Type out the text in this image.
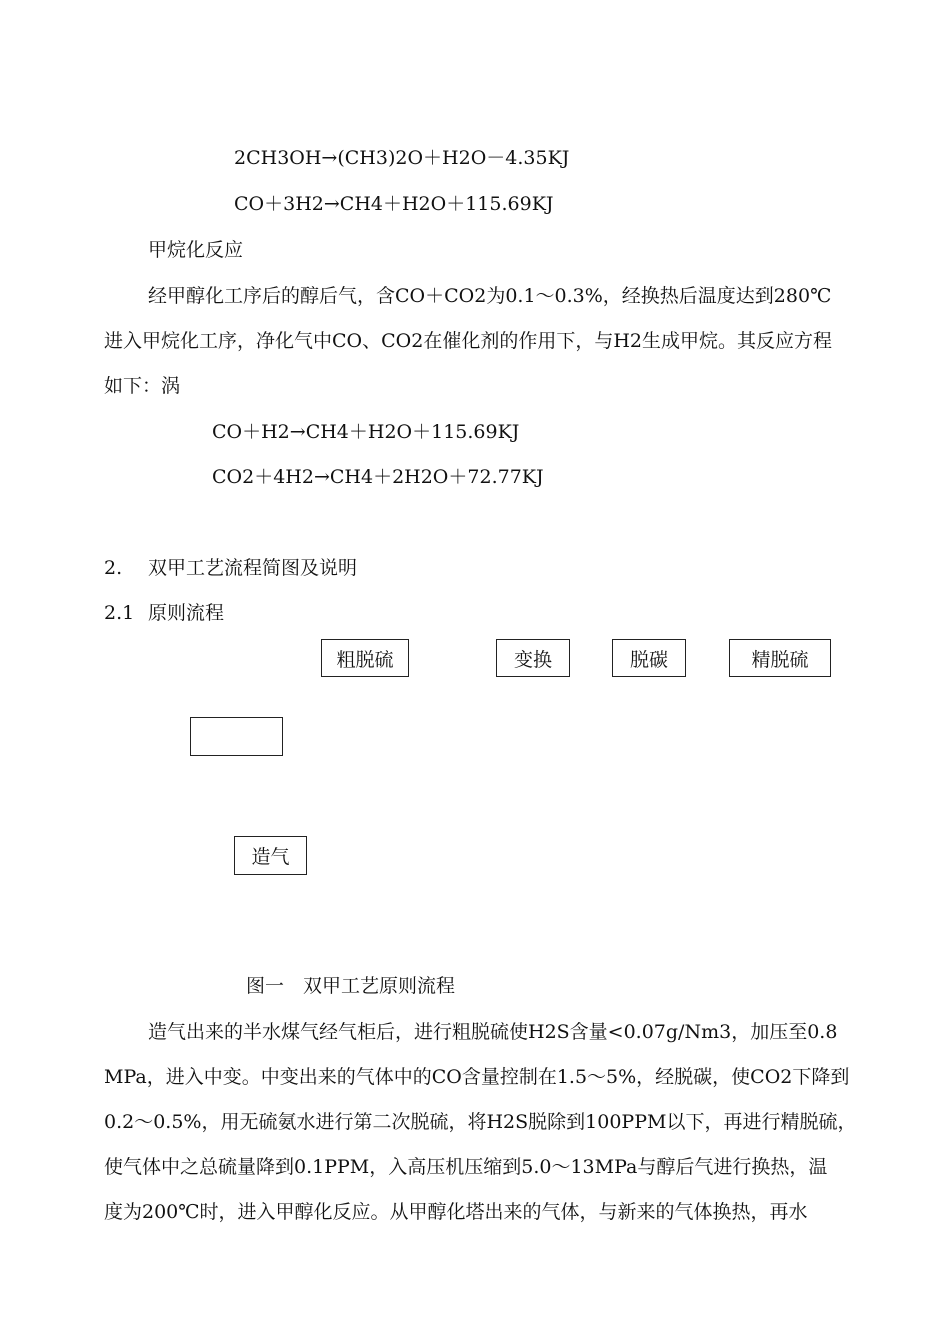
2CH3OH→(CH3)2O＋H2O－4.35KJ
CO＋3H2→CH4＋H2O＋115.69KJ
甲烷化反应
经甲醇化工序后的醇后气，含CO＋CO2为0.1～0.3%，经换热后温度达到280℃
进入甲烷化工序，净化气中CO、CO2在催化剂的作用下，与H2生成甲烷。其反应方程
如下：涡
CO＋H2→CH4＋H2O＋115.69KJ
CO2＋4H2→CH4＋2H2O＋72.77KJ
2. 双甲工艺流程简图及说明
2.1 原则流程
粗脱硫	变换	脱碳	精脱硫
造气
图一　双甲工艺原则流程
造气出来的半水煤气经气柜后，进行粗脱硫使H2S含量<0.07g/Nm3，加压至0.8
MPa，进入中变。中变出来的气体中的CO含量控制在1.5～5%，经脱碳，使CO2下降到
0.2～0.5%，用无硫氨水进行第二次脱硫，将H2S脱除到100PPM以下，再进行精脱硫，
使气体中之总硫量降到0.1PPM，入高压机压缩到5.0～13MPa与醇后气进行换热，温
度为200℃时，进入甲醇化反应。从甲醇化塔出来的气体，与新来的气体换热，再水
